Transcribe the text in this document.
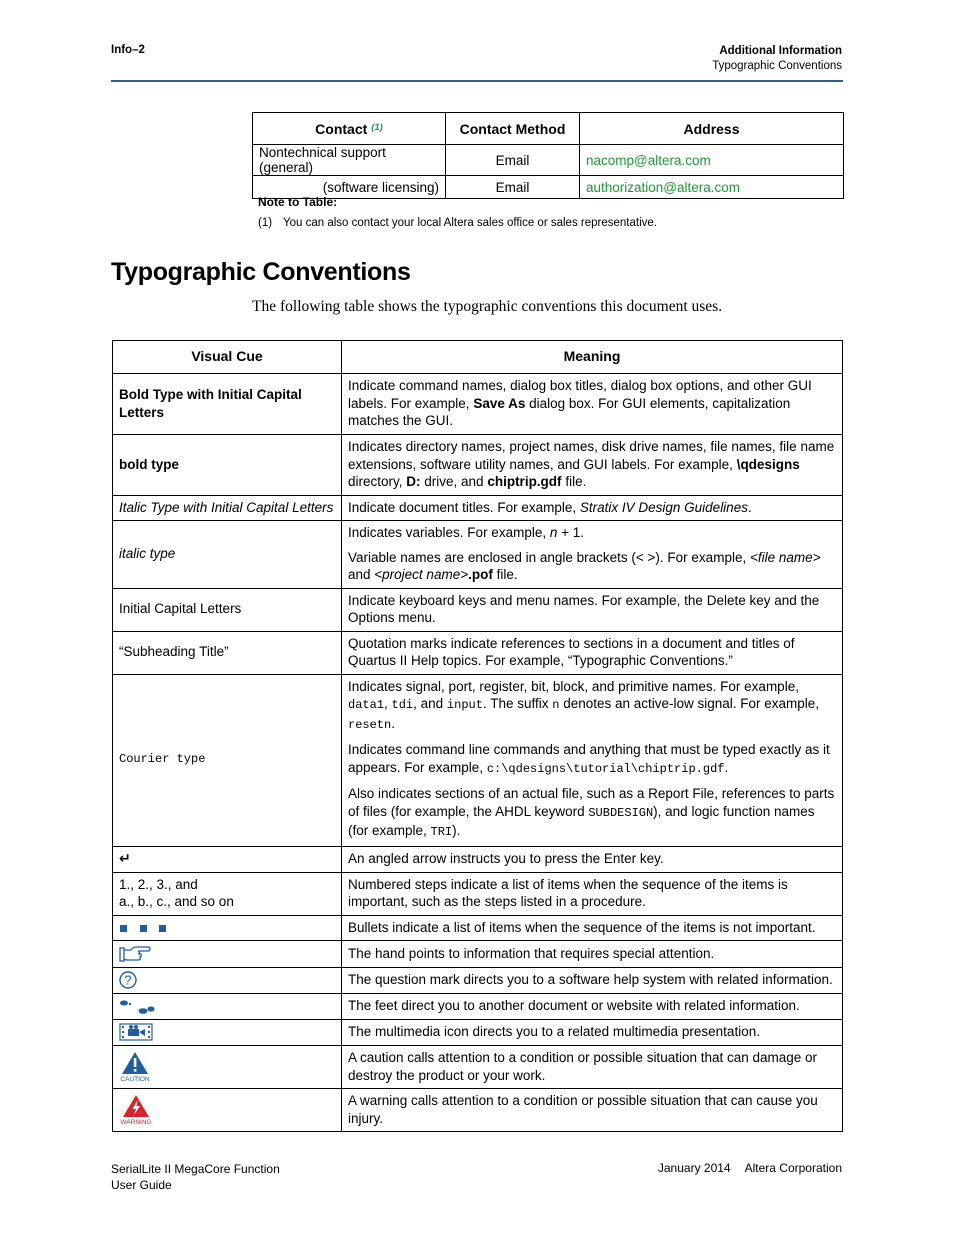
Info–2	Additional Information
Typographic Conventions
Contact $^{(1)}$	Contact Method	Address
Nontechnical support (general)	Email	nacomp@altera.com
(software licensing)	Email	authorization@altera.com
Note to Table:
(1) You can also contact your local Altera sales office or sales representative.
Typographic Conventions
The following table shows the typographic conventions this document uses.
Visual Cue	Meaning
Bold Type with Initial Capital Letters	Indicate command names, dialog box titles, dialog box options, and other GUI labels. For example, Save As dialog box. For GUI elements, capitalization matches the GUI.
bold type	Indicates directory names, project names, disk drive names, file names, file name extensions, software utility names, and GUI labels. For example, \qdesigns directory, D: drive, and chiptrip.gdf file.
Italic Type with Initial Capital Letters	Indicate document titles. For example, Stratix IV Design Guidelines.
italic type	Indicates variables. For example, n + 1.

Variable names are enclosed in angle brackets (< >). For example, <file name> and <project name>.pof file.

Initial Capital Letters	Indicate keyboard keys and menu names. For example, the Delete key and the Options menu.
“Subheading Title”	Quotation marks indicate references to sections in a document and titles of Quartus II Help topics. For example, “Typographic Conventions.”
Courier type	Indicates signal, port, register, bit, block, and primitive names. For example, data1, tdi, and input. The suffix n denotes an active-low signal. For example, resetn.

Indicates command line commands and anything that must be typed exactly as it appears. For example, c:\qdesigns\tutorial\chiptrip.gdf.

Also indicates sections of an actual file, such as a Report File, references to parts of files (for example, the AHDL keyword SUBDESIGN), and logic function names (for example, TRI).

↵	An angled arrow instructs you to press the Enter key.

1., 2., 3., and
a., b., c., and so on	Numbered steps indicate a list of items when the sequence of the items is important, such as the steps listed in a procedure.
	Bullets indicate a list of items when the sequence of the items is not important.
	The hand points to information that requires special attention.

?	The question mark directs you to a software help system with related information.
	The feet direct you to another document or website with related information.
	The multimedia icon directs you to a related multimedia presentation.

CAUTION	A caution calls attention to a condition or possible situation that can damage or destroy the product or your work.

WARNING	A warning calls attention to a condition or possible situation that can cause you injury.
SerialLite II MegaCore Function
User Guide
January 2014 Altera Corporation
